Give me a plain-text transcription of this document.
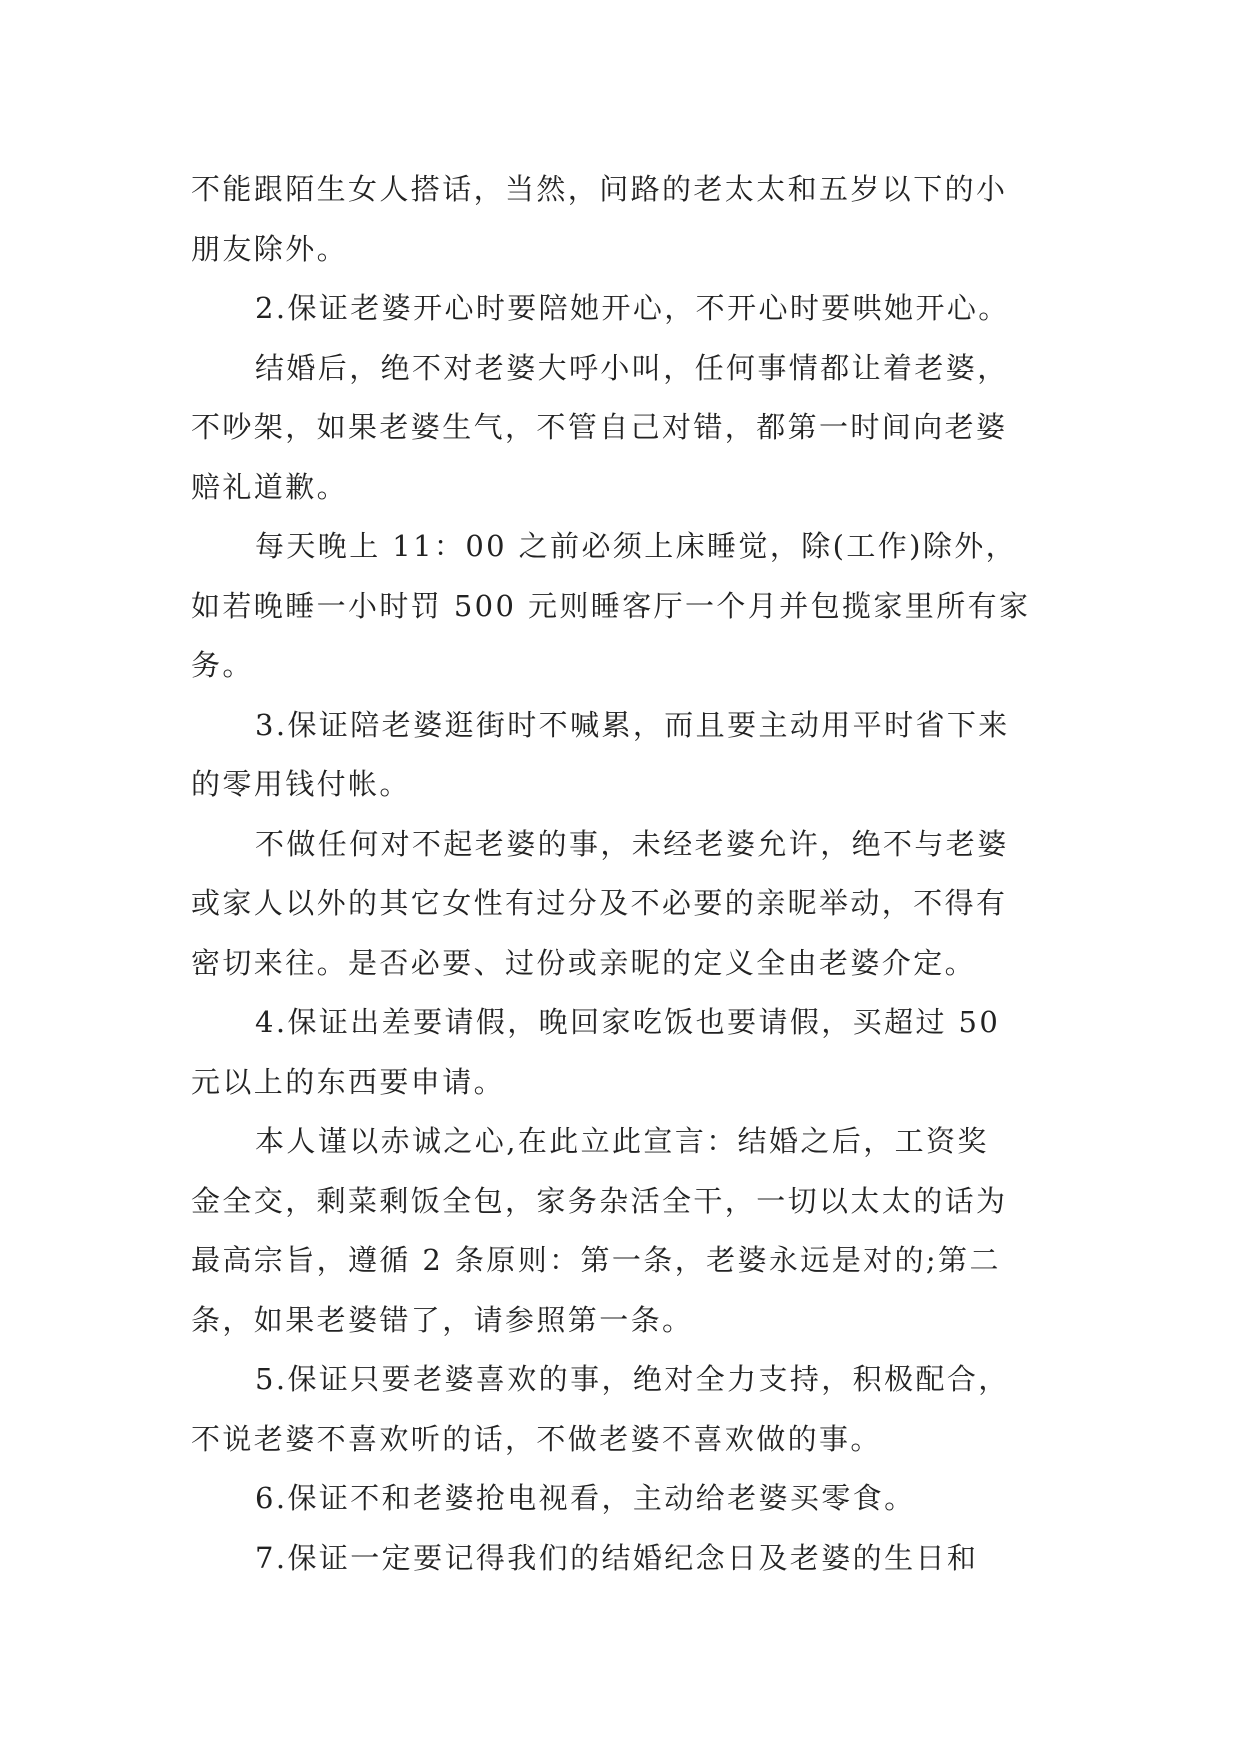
不能跟陌生女人搭话，当然，问路的老太太和五岁以下的小
朋友除外。
2.保证老婆开心时要陪她开心，不开心时要哄她开心。
结婚后，绝不对老婆大呼小叫，任何事情都让着老婆，
不吵架，如果老婆生气，不管自己对错，都第一时间向老婆
赔礼道歉。
每天晚上 11：00 之前必须上床睡觉，除(工作)除外，
如若晚睡一小时罚 500 元则睡客厅一个月并包揽家里所有家
务。
3.保证陪老婆逛街时不喊累，而且要主动用平时省下来
的零用钱付帐。
不做任何对不起老婆的事，未经老婆允许，绝不与老婆
或家人以外的其它女性有过分及不必要的亲昵举动，不得有
密切来往。是否必要、过份或亲昵的定义全由老婆介定。
4.保证出差要请假，晚回家吃饭也要请假，买超过 50
元以上的东西要申请。
本人谨以赤诚之心,在此立此宣言：结婚之后，工资奖
金全交，剩菜剩饭全包，家务杂活全干，一切以太太的话为
最高宗旨，遵循 2 条原则：第一条，老婆永远是对的;第二
条，如果老婆错了，请参照第一条。
5.保证只要老婆喜欢的事，绝对全力支持，积极配合，
不说老婆不喜欢听的话，不做老婆不喜欢做的事。
6.保证不和老婆抢电视看，主动给老婆买零食。
7.保证一定要记得我们的结婚纪念日及老婆的生日和
